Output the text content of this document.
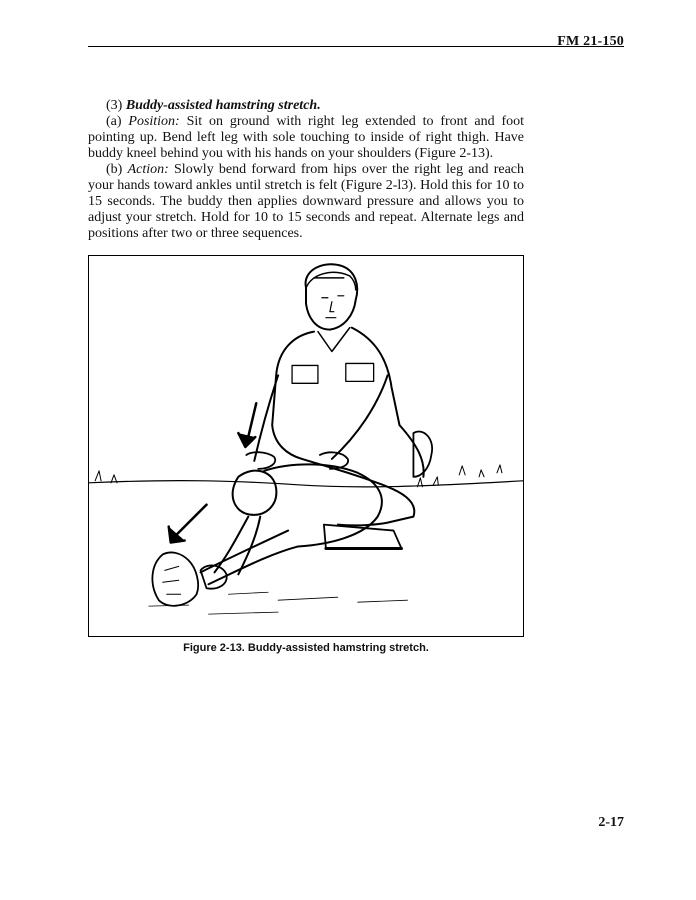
FM 21-150

(3) Buddy-assisted hamstring stretch.

(a) Position: Sit on ground with right leg extended to front and foot pointing up. Bend left leg with sole touching to inside of right thigh. Have buddy kneel behind you with his hands on your shoulders (Figure 2-13).

(b) Action: Slowly bend forward from hips over the right leg and reach your hands toward ankles until stretch is felt (Figure 2-l3). Hold this for 10 to 15 seconds. The buddy then applies downward pressure and allows you to adjust your stretch. Hold for 10 to 15 seconds and repeat. Alternate legs and positions after two or three sequences.

Figure 2-13. Buddy-assisted hamstring stretch.
2-17
